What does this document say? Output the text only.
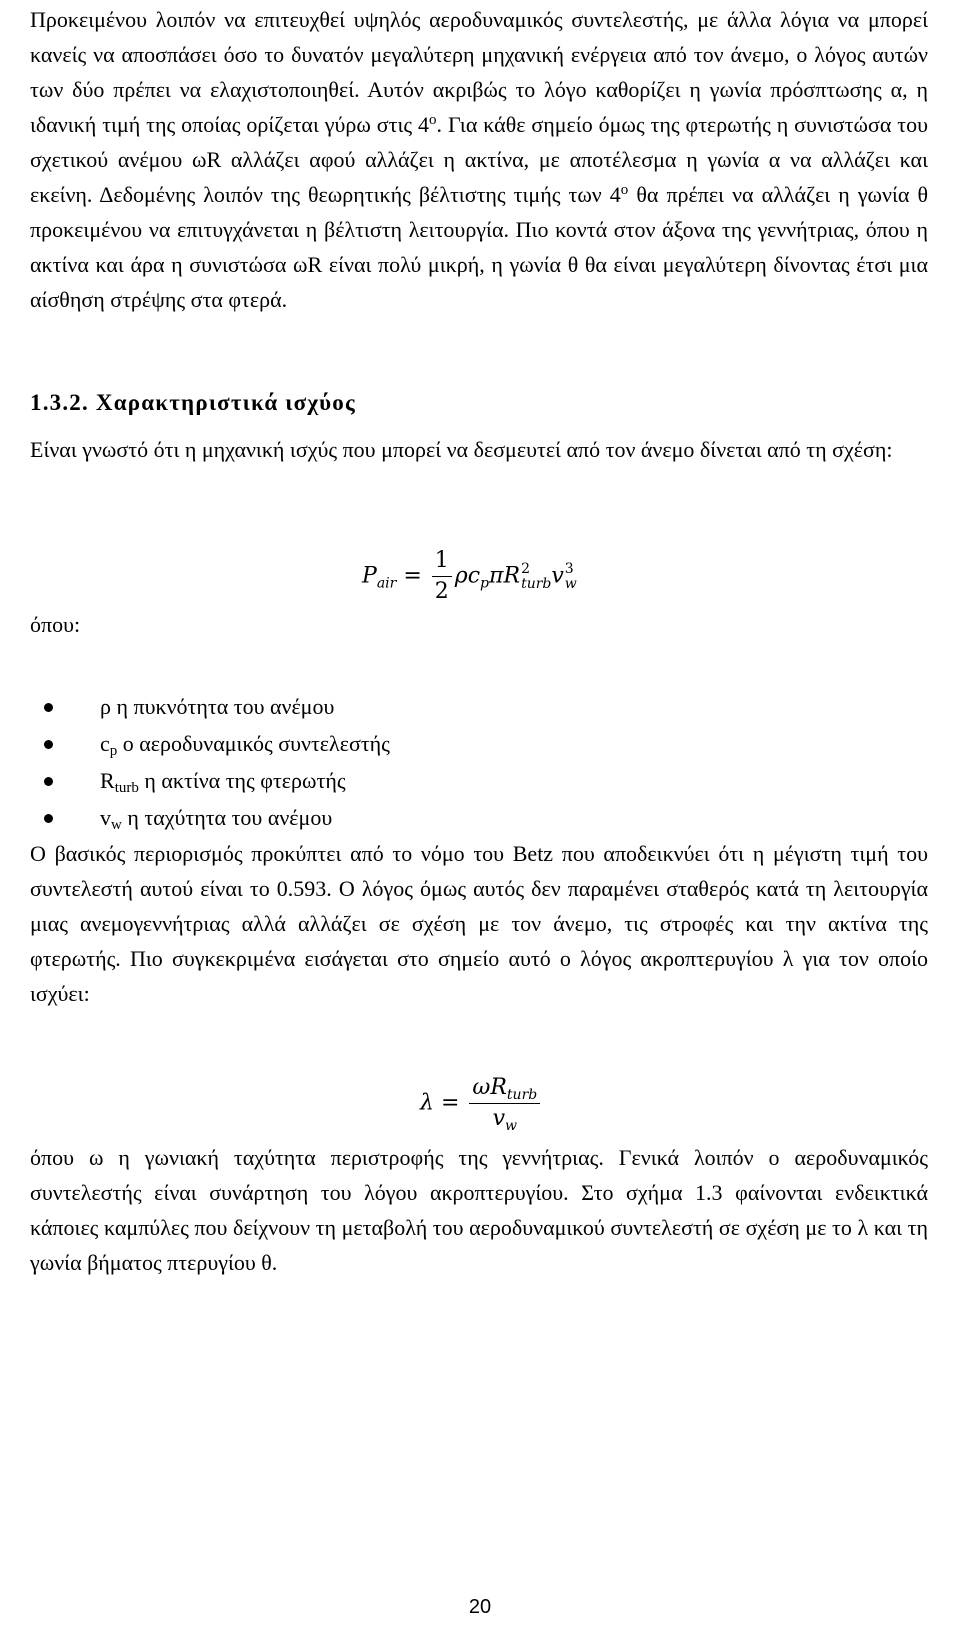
Προκειμένου λοιπόν να επιτευχθεί υψηλός αεροδυναμικός συντελεστής, με άλλα λόγια να μπορεί κανείς να αποσπάσει όσο το δυνατόν μεγαλύτερη μηχανική ενέργεια από τον άνεμο, ο λόγος αυτών των δύο πρέπει να ελαχιστοποιηθεί. Αυτόν ακριβώς το λόγο καθορίζει η γωνία πρόσπτωσης α, η ιδανική τιμή της οποίας ορίζεται γύρω στις 4$^o$. Για κάθε σημείο όμως της φτερωτής η συνιστώσα του σχετικού ανέμου ωR αλλάζει αφού αλλάζει η ακτίνα, με αποτέλεσμα η γωνία α να αλλάζει και εκείνη. Δεδομένης λοιπόν της θεωρητικής βέλτιστης τιμής των 4$^o$ θα πρέπει να αλλάζει η γωνία θ προκειμένου να επιτυγχάνεται η βέλτιστη λειτουργία. Πιο κοντά στον άξονα της γεννήτριας, όπου η ακτίνα και άρα η συνιστώσα ωR είναι πολύ μικρή, η γωνία θ θα είναι μεγαλύτερη δίνοντας έτσι μια αίσθηση στρέψης στα φτερά.

1.3.2. Χαρακτηριστικά ισχύος

Είναι γνωστό ότι η μηχανική ισχύς που μπορεί να δεσμευτεί από τον άνεμο δίνεται από τη σχέση:

$P_{air} = \frac{1}{2} \rho c_p\pi R$ 2
turb v 3
w
όπου:
ρ η πυκνότητα του ανέμου
cp ο αεροδυναμικός συντελεστής
Rturb η ακτίνα της φτερωτής
vw η ταχύτητα του ανέμου

Ο βασικός περιορισμός προκύπτει από το νόμο του Betz που αποδεικνύει ότι η μέγιστη τιμή του συντελεστή αυτού είναι το 0.593. Ο λόγος όμως αυτός δεν παραμένει σταθερός κατά τη λειτουργία μιας ανεμογεννήτριας αλλά αλλάζει σε σχέση με τον άνεμο, τις στροφές και την ακτίνα της φτερωτής. Πιο συγκεκριμένα εισάγεται στο σημείο αυτό ο λόγος ακροπτερυγίου λ για τον οποίο ισχύει:

$\lambda = \frac{\omega R_{turb}}{v_w}$

όπου ω η γωνιακή ταχύτητα περιστροφής της γεννήτριας. Γενικά λοιπόν ο αεροδυναμικός συντελεστής είναι συνάρτηση του λόγου ακροπτερυγίου. Στο σχήμα 1.3 φαίνονται ενδεικτικά κάποιες καμπύλες που δείχνουν τη μεταβολή του αεροδυναμικού συντελεστή σε σχέση με το λ και τη γωνία βήματος πτερυγίου θ.

20
